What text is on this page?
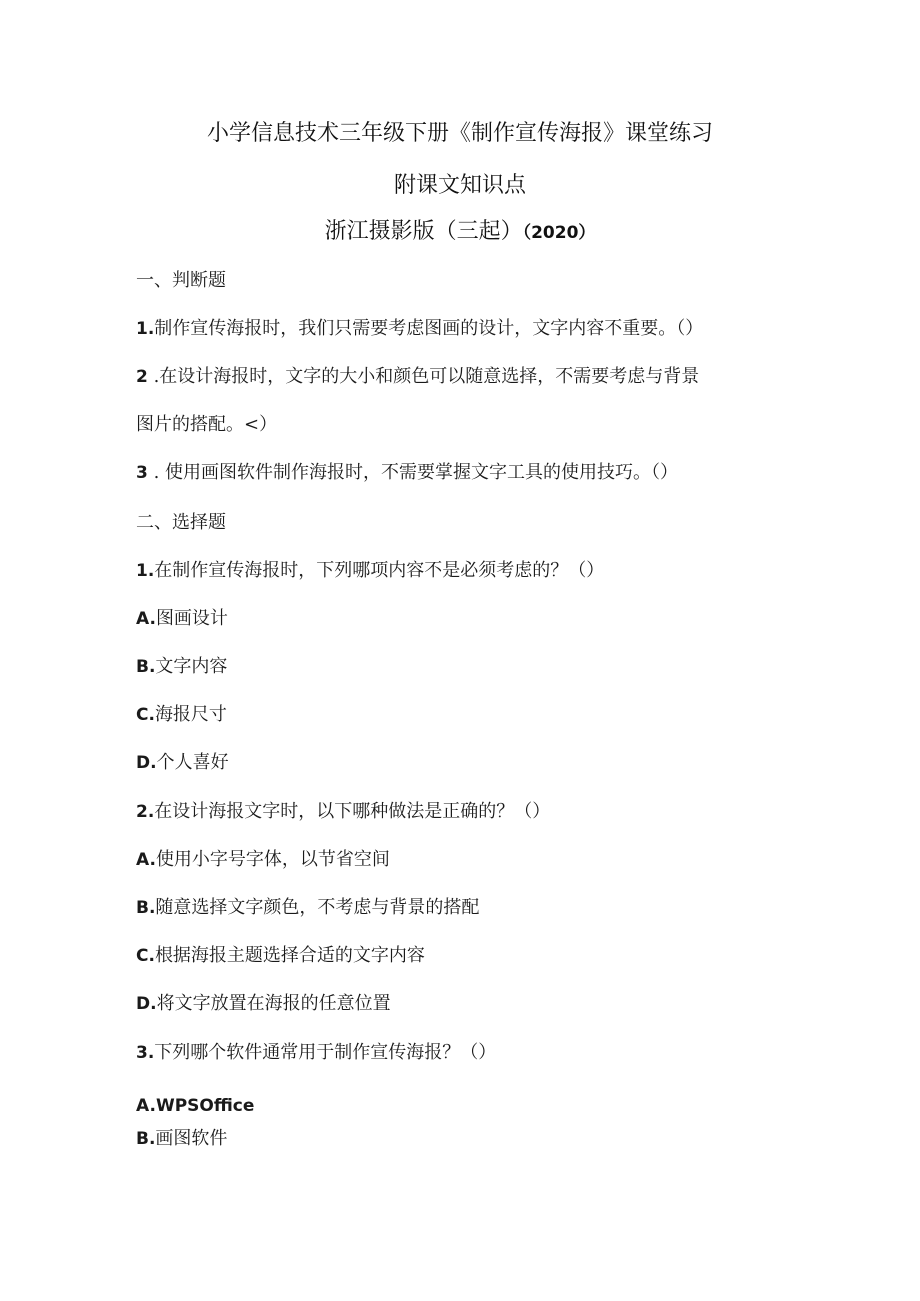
小学信息技术三年级下册《制作宣传海报》课堂练习
附课文知识点
浙江摄影版（三起）（2020）
一、判断题
1.制作宣传海报时，我们只需要考虑图画的设计，文字内容不重要。（）
2 .在设计海报时，文字的大小和颜色可以随意选择，不需要考虑与背景
图片的搭配。<）
3 . 使用画图软件制作海报时，不需要掌握文字工具的使用技巧。（）
二、选择题
1.在制作宣传海报时，下列哪项内容不是必须考虑的？（）
A.图画设计
B.文字内容
C.海报尺寸
D.个人喜好
2.在设计海报文字时，以下哪种做法是正确的？（）
A.使用小字号字体，以节省空间
B.随意选择文字颜色，不考虑与背景的搭配
C.根据海报主题选择合适的文字内容
D.将文字放置在海报的任意位置
3.下列哪个软件通常用于制作宣传海报？（）
A.WPSOffice
B.画图软件
